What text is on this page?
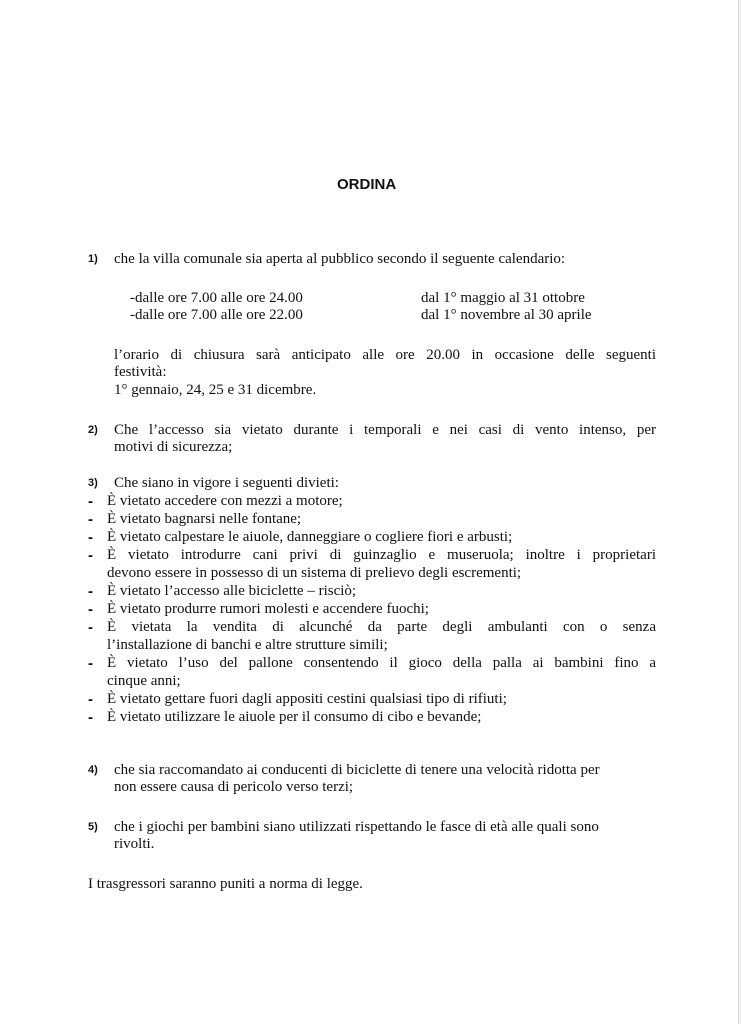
ORDINA
1) che la villa comunale sia aperta al pubblico secondo il seguente calendario:
-dalle ore 7.00 alle ore 24.00	dal 1° maggio al 31 ottobre
-dalle ore 7.00 alle ore 22.00	dal 1° novembre al 30 aprile
l’orario di chiusura sarà anticipato alle ore 20.00 in occasione delle seguenti
festività:
1° gennaio, 24, 25 e 31 dicembre.
2) Che l’accesso sia vietato durante i temporali e nei casi di vento intenso, per
motivi di sicurezza;
3) Che siano in vigore i seguenti divieti:
- È vietato accedere con mezzi a motore;
- È vietato bagnarsi nelle fontane;
- È vietato calpestare le aiuole, danneggiare o cogliere fiori e arbusti;
- È vietato introdurre cani privi di guinzaglio e museruola; inoltre i proprietari
devono essere in possesso di un sistema di prelievo degli escrementi;
- È vietato l’accesso alle biciclette – risciò;
- È vietato produrre rumori molesti e accendere fuochi;
- È vietata la vendita di alcunché da parte degli ambulanti con o senza
l’installazione di banchi e altre strutture simili;
- È vietato l’uso del pallone consentendo il gioco della palla ai bambini fino a
cinque anni;
- È vietato gettare fuori dagli appositi cestini qualsiasi tipo di rifiuti;
- È vietato utilizzare le aiuole per il consumo di cibo e bevande;
4) che sia raccomandato ai conducenti di biciclette di tenere una velocità ridotta per
non essere causa di pericolo verso terzi;
5) che i giochi per bambini siano utilizzati rispettando le fasce di età alle quali sono
rivolti.
I trasgressori saranno puniti a norma di legge.
